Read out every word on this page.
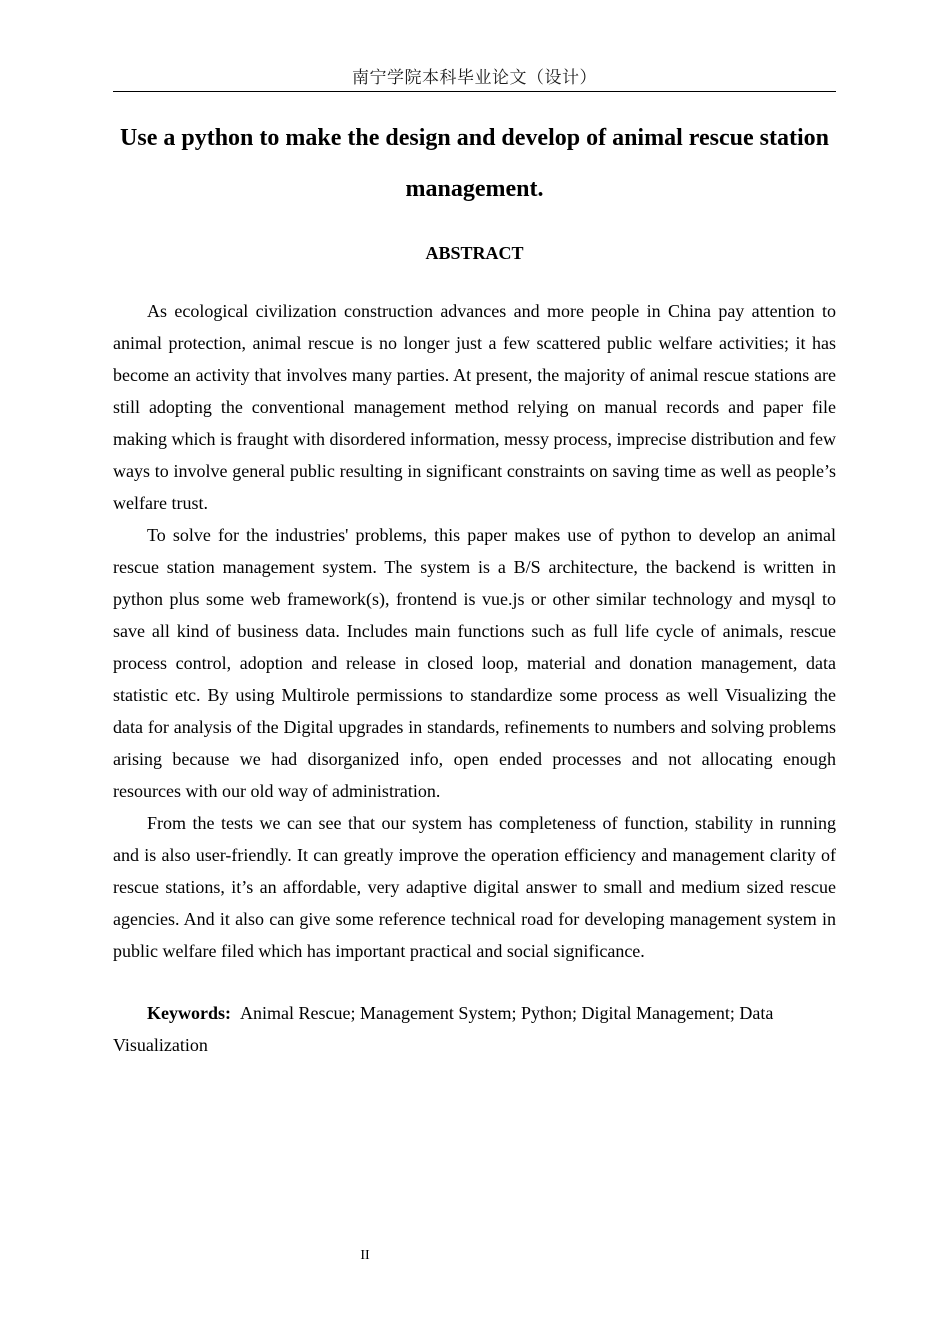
南宁学院本科毕业论文（设计）
Use a python to make the design and develop of animal rescue station management.
ABSTRACT

As ecological civilization construction advances and more people in China pay attention to animal protection, animal rescue is no longer just a few scattered public welfare activities; it has become an activity that involves many parties. At present, the majority of animal rescue stations are still adopting the conventional management method relying on manual records and paper file making which is fraught with disordered information, messy process, imprecise distribution and few ways to involve general public resulting in significant constraints on saving time as well as people’s welfare trust.

To solve for the industries' problems, this paper makes use of python to develop an animal rescue station management system. The system is a B/S architecture, the backend is written in python plus some web framework(s), frontend is vue.js or other similar technology and mysql to save all kind of business data. Includes main functions such as full life cycle of animals, rescue process control, adoption and release in closed loop, material and donation management, data statistic etc. By using Multirole permissions to standardize some process as well Visualizing the data for analysis of the Digital upgrades in standards, refinements to numbers and solving problems arising because we had disorganized info, open ended processes and not allocating enough resources with our old way of administration.

From the tests we can see that our system has completeness of function, stability in running and is also user-friendly. It can greatly improve the operation efficiency and management clarity of rescue stations, it’s an affordable, very adaptive digital answer to small and medium sized rescue agencies. And it also can give some reference technical road for developing management system in public welfare filed which has important practical and social significance.

Keywords: Animal Rescue; Management System; Python; Digital Management; Data Visualization

II
